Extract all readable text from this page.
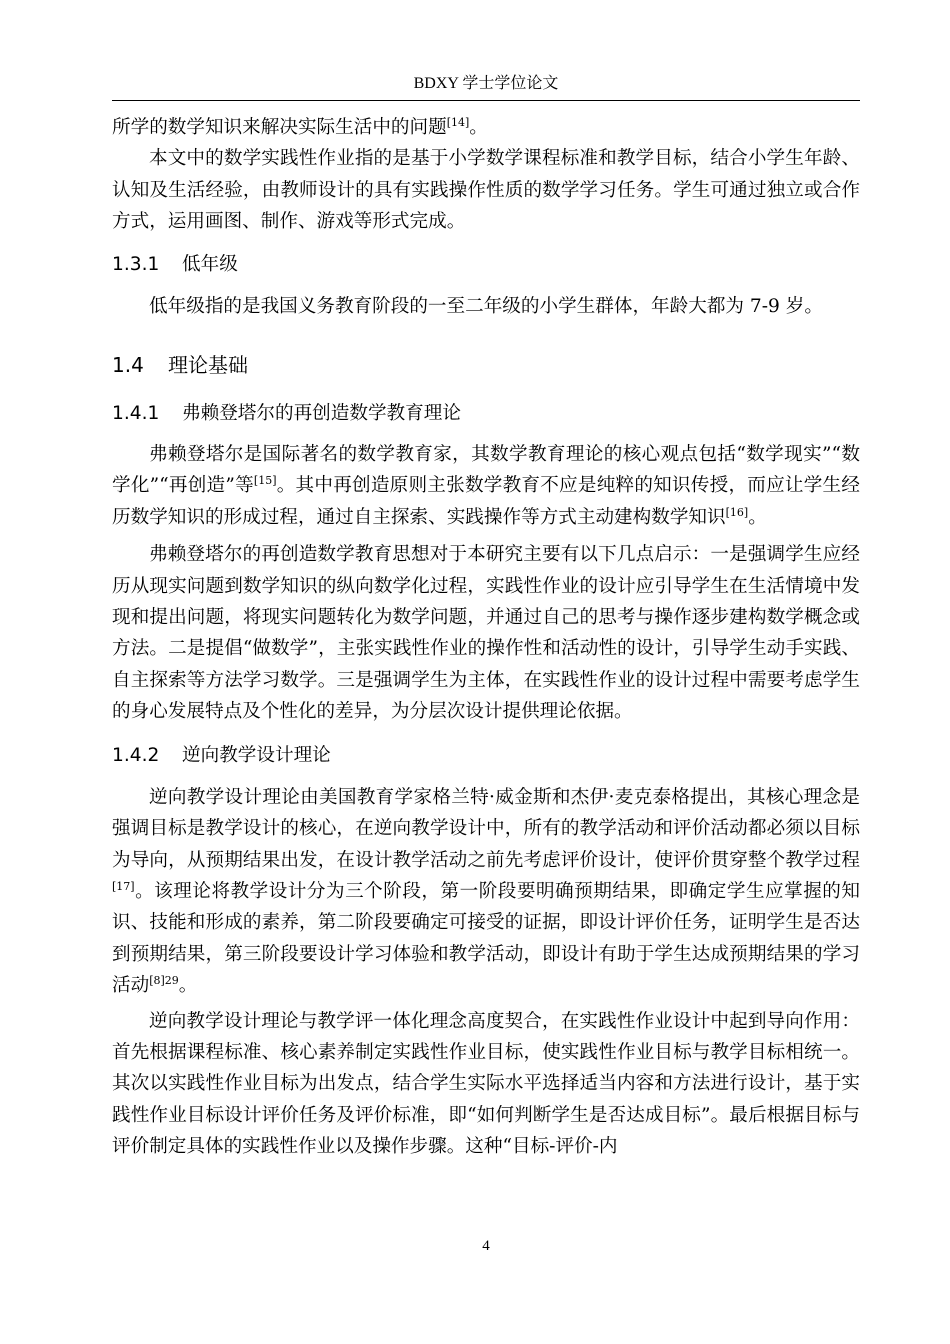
BDXY 学士学位论文

所学的数学知识来解决实际生活中的问题[14]。

本文中的数学实践性作业指的是基于小学数学课程标准和教学目标，结合小学生年龄、认知及生活经验，由教师设计的具有实践操作性质的数学学习任务。学生可通过独立或合作方式，运用画图、制作、游戏等形式完成。

1.3.1 低年级

低年级指的是我国义务教育阶段的一至二年级的小学生群体，年龄大都为 7-9 岁。

1.4 理论基础
1.4.1 弗赖登塔尔的再创造数学教育理论

弗赖登塔尔是国际著名的数学教育家，其数学教育理论的核心观点包括“数学现实”“数学化”“再创造”等[15]。其中再创造原则主张数学教育不应是纯粹的知识传授，而应让学生经历数学知识的形成过程，通过自主探索、实践操作等方式主动建构数学知识[16]。

弗赖登塔尔的再创造数学教育思想对于本研究主要有以下几点启示：一是强调学生应经历从现实问题到数学知识的纵向数学化过程，实践性作业的设计应引导学生在生活情境中发现和提出问题，将现实问题转化为数学问题，并通过自己的思考与操作逐步建构数学概念或方法。二是提倡“做数学”，主张实践性作业的操作性和活动性的设计，引导学生动手实践、自主探索等方法学习数学。三是强调学生为主体，在实践性作业的设计过程中需要考虑学生的身心发展特点及个性化的差异，为分层次设计提供理论依据。

1.4.2 逆向教学设计理论

逆向教学设计理论由美国教育学家格兰特·威金斯和杰伊·麦克泰格提出，其核心理念是强调目标是教学设计的核心，在逆向教学设计中，所有的教学活动和评价活动都必须以目标为导向，从预期结果出发，在设计教学活动之前先考虑评价设计，使评价贯穿整个教学过程[17]。该理论将教学设计分为三个阶段，第一阶段要明确预期结果，即确定学生应掌握的知识、技能和形成的素养，第二阶段要确定可接受的证据，即设计评价任务，证明学生是否达到预期结果，第三阶段要设计学习体验和教学活动，即设计有助于学生达成预期结果的学习活动$^{[8]29}$。

逆向教学设计理论与教学评一体化理念高度契合，在实践性作业设计中起到导向作用：首先根据课程标准、核心素养制定实践性作业目标，使实践性作业目标与教学目标相统一。其次以实践性作业目标为出发点，结合学生实际水平选择适当内容和方法进行设计，基于实践性作业目标设计评价任务及评价标准，即“如何判断学生是否达成目标”。最后根据目标与评价制定具体的实践性作业以及操作步骤。这种“目标-评价-内

4
